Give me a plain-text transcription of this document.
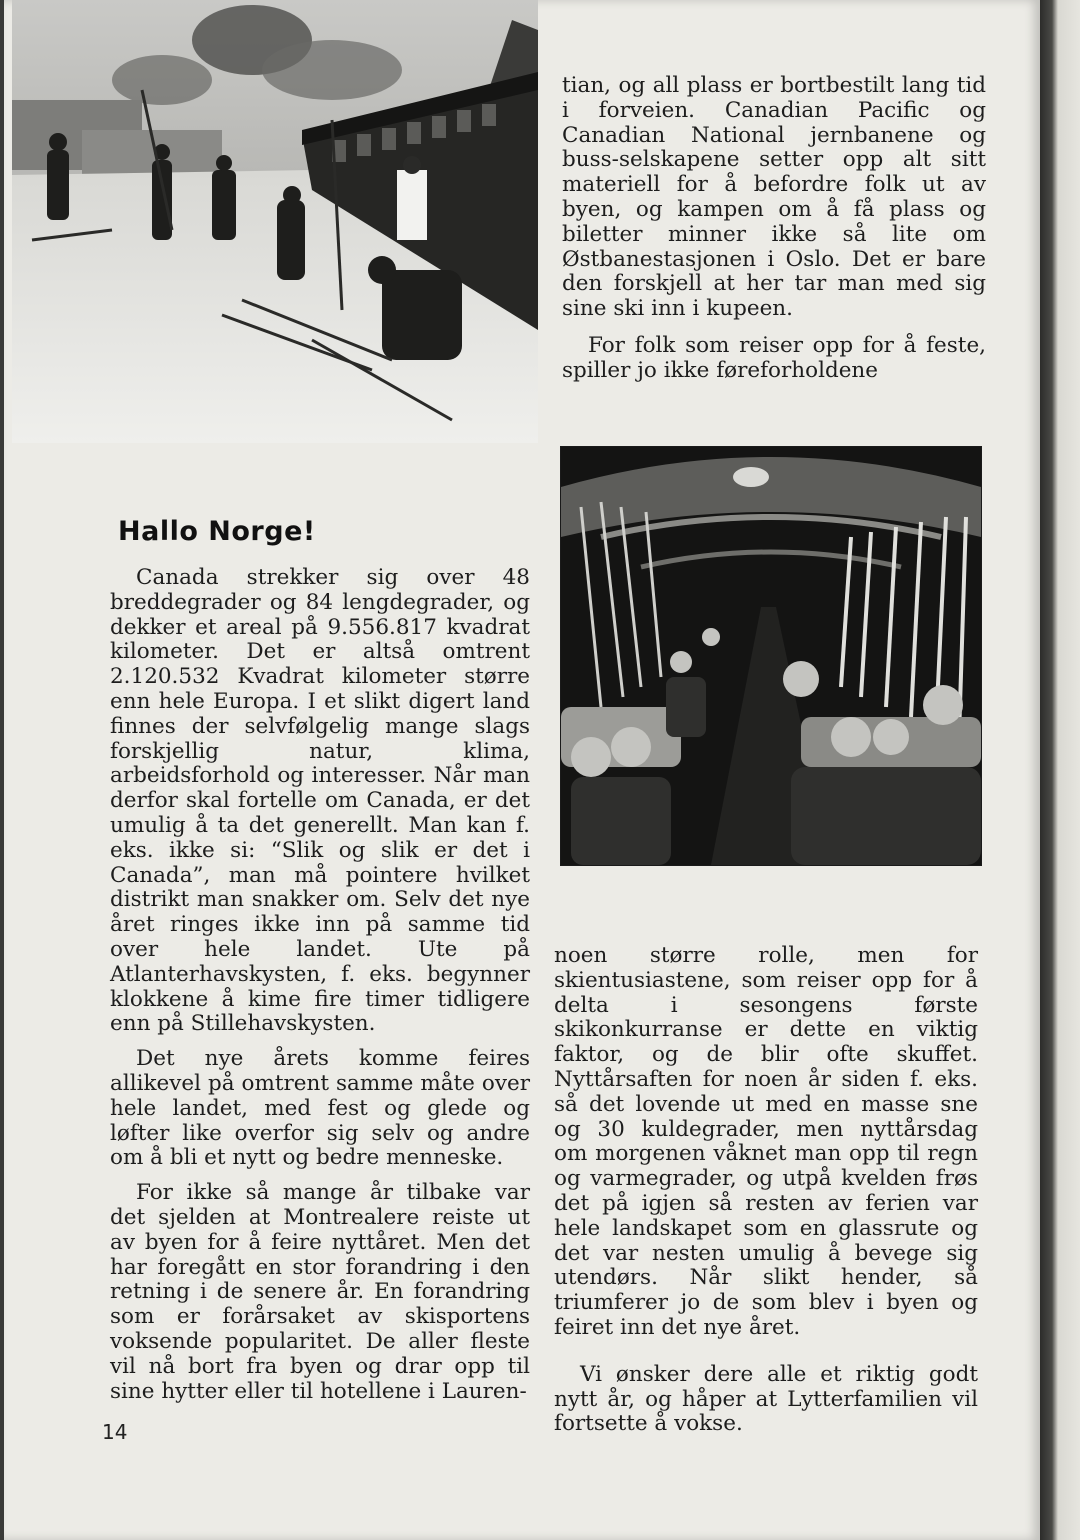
tian, og all plass er bortbestilt lang tid i forveien. Canadian Pacific og Canadian National jernbanene og buss-selskapene setter opp alt sitt materiell for å befordre folk ut av byen, og kampen om å få plass og biletter minner ikke så lite om Østbanestasjonen i Oslo. Det er bare den forskjell at her tar man med sig sine ski inn i kupeen.

For folk som reiser opp for å feste, spiller jo ikke føreforholdene

Hallo Norge!

Canada strekker sig over 48 breddegrader og 84 lengdegrader, og dekker et areal på 9.556.817 kvadrat kilometer. Det er altså omtrent 2.120.532 Kvadrat kilometer større enn hele Europa. I et slikt digert land finnes der selvfølgelig mange slags forskjellig natur, klima, arbeidsforhold og interesser. Når man derfor skal fortelle om Canada, er det umulig å ta det generellt. Man kan f. eks. ikke si: “Slik og slik er det i Canada”, man må pointere hvilket distrikt man snakker om. Selv det nye året ringes ikke inn på samme tid over hele landet. Ute på Atlanterhavskysten, f. eks. begynner klokkene å kime fire timer tidligere enn på Stillehavskysten.

Det nye årets komme feires allikevel på omtrent samme måte over hele landet, med fest og glede og løfter like overfor sig selv og andre om å bli et nytt og bedre menneske.

For ikke så mange år tilbake var det sjelden at Montrealere reiste ut av byen for å feire nyttåret. Men det har foregått en stor forandring i den retning i de senere år. En forandring som er forårsaket av skisportens voksende popularitet. De aller fleste vil nå bort fra byen og drar opp til sine hytter eller til hotellene i Lauren-

noen større rolle, men for skientusiastene, som reiser opp for å delta i sesongens første skikonkurranse er dette en viktig faktor, og de blir ofte skuffet. Nyttårsaften for noen år siden f. eks. så det lovende ut med en masse sne og 30 kuldegrader, men nyttårsdag om morgenen våknet man opp til regn og varmegrader, og utpå kvelden frøs det på igjen så resten av ferien var hele landskapet som en glassrute og det var nesten umulig å bevege sig utendørs. Når slikt hender, så triumferer jo de som blev i byen og feiret inn det nye året.

Vi ønsker dere alle et riktig godt nytt år, og håper at Lytterfamilien vil fortsette å vokse.

14
